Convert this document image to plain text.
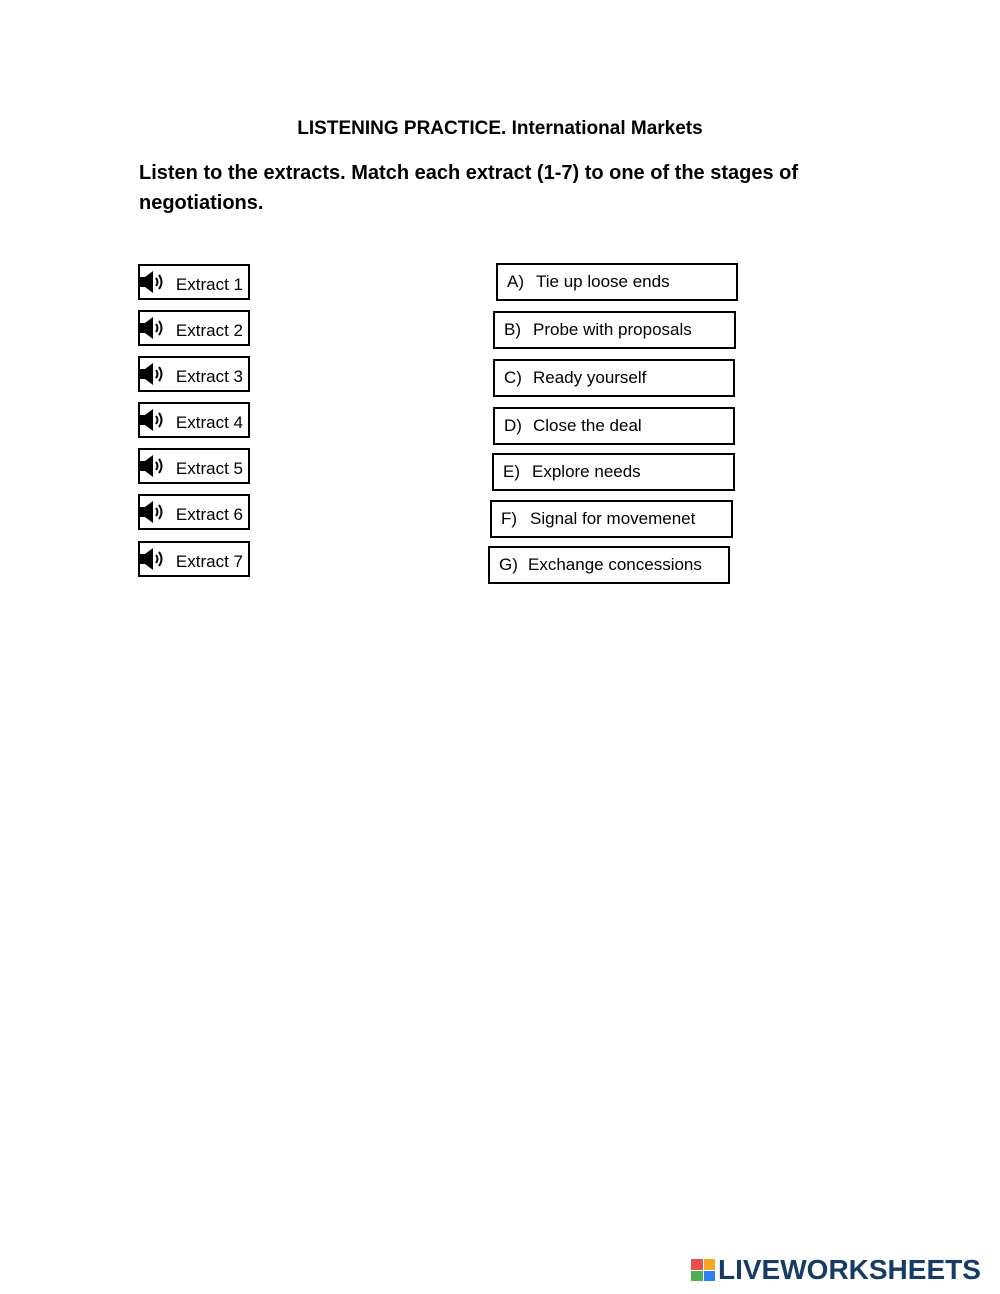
LISTENING PRACTICE. International Markets
Listen to the extracts. Match each extract (1-7) to one of the stages of negotiations.
Extract 1
Extract 2
Extract 3
Extract 4
Extract 5
Extract 6
Extract 7
A) Tie up loose ends
B) Probe with proposals
C) Ready yourself
D) Close the deal
E) Explore needs
F) Signal for movemenet
G) Exchange concessions
LIVEWORKSHEETS
